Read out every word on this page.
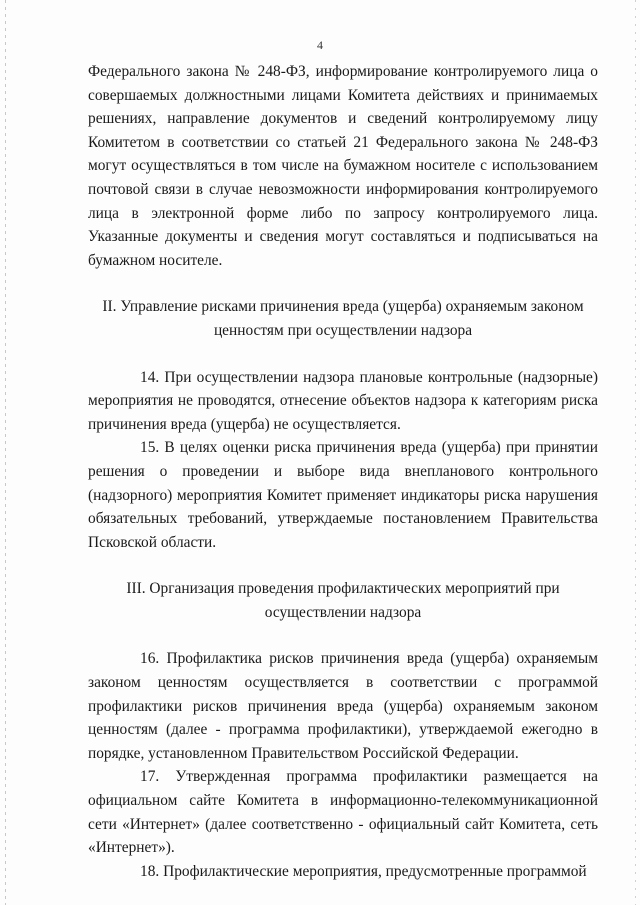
4

Федерального закона № 248-ФЗ, информирование контролируемого лица о совершаемых должностными лицами Комитета действиях и принимаемых решениях, направление документов и сведений контролируемому лицу Комитетом в соответствии со статьей 21 Федерального закона № 248-ФЗ могут осуществляться в том числе на бумажном носителе с использованием почтовой связи в случае невозможности информирования контролируемого лица в электронной форме либо по запросу контролируемого лица. Указанные документы и сведения могут составляться и подписываться на бумажном носителе.

II. Управление рисками причинения вреда (ущерба) охраняемым законом ценностям при осуществлении надзора

14. При осуществлении надзора плановые контрольные (надзорные) мероприятия не проводятся, отнесение объектов надзора к категориям риска причинения вреда (ущерба) не осуществляется.

15. В целях оценки риска причинения вреда (ущерба) при принятии решения о проведении и выборе вида внепланового контрольного (надзорного) мероприятия Комитет применяет индикаторы риска нарушения обязательных требований, утверждаемые постановлением Правительства Псковской области.

III. Организация проведения профилактических мероприятий при осуществлении надзора

16. Профилактика рисков причинения вреда (ущерба) охраняемым законом ценностям осуществляется в соответствии с программой профилактики рисков причинения вреда (ущерба) охраняемым законом ценностям (далее - программа профилактики), утверждаемой ежегодно в порядке, установленном Правительством Российской Федерации.

17. Утвержденная программа профилактики размещается на официальном сайте Комитета в информационно-телекоммуникационной сети «Интернет» (далее соответственно - официальный сайт Комитета, сеть «Интернет»).

18. Профилактические мероприятия, предусмотренные программой
